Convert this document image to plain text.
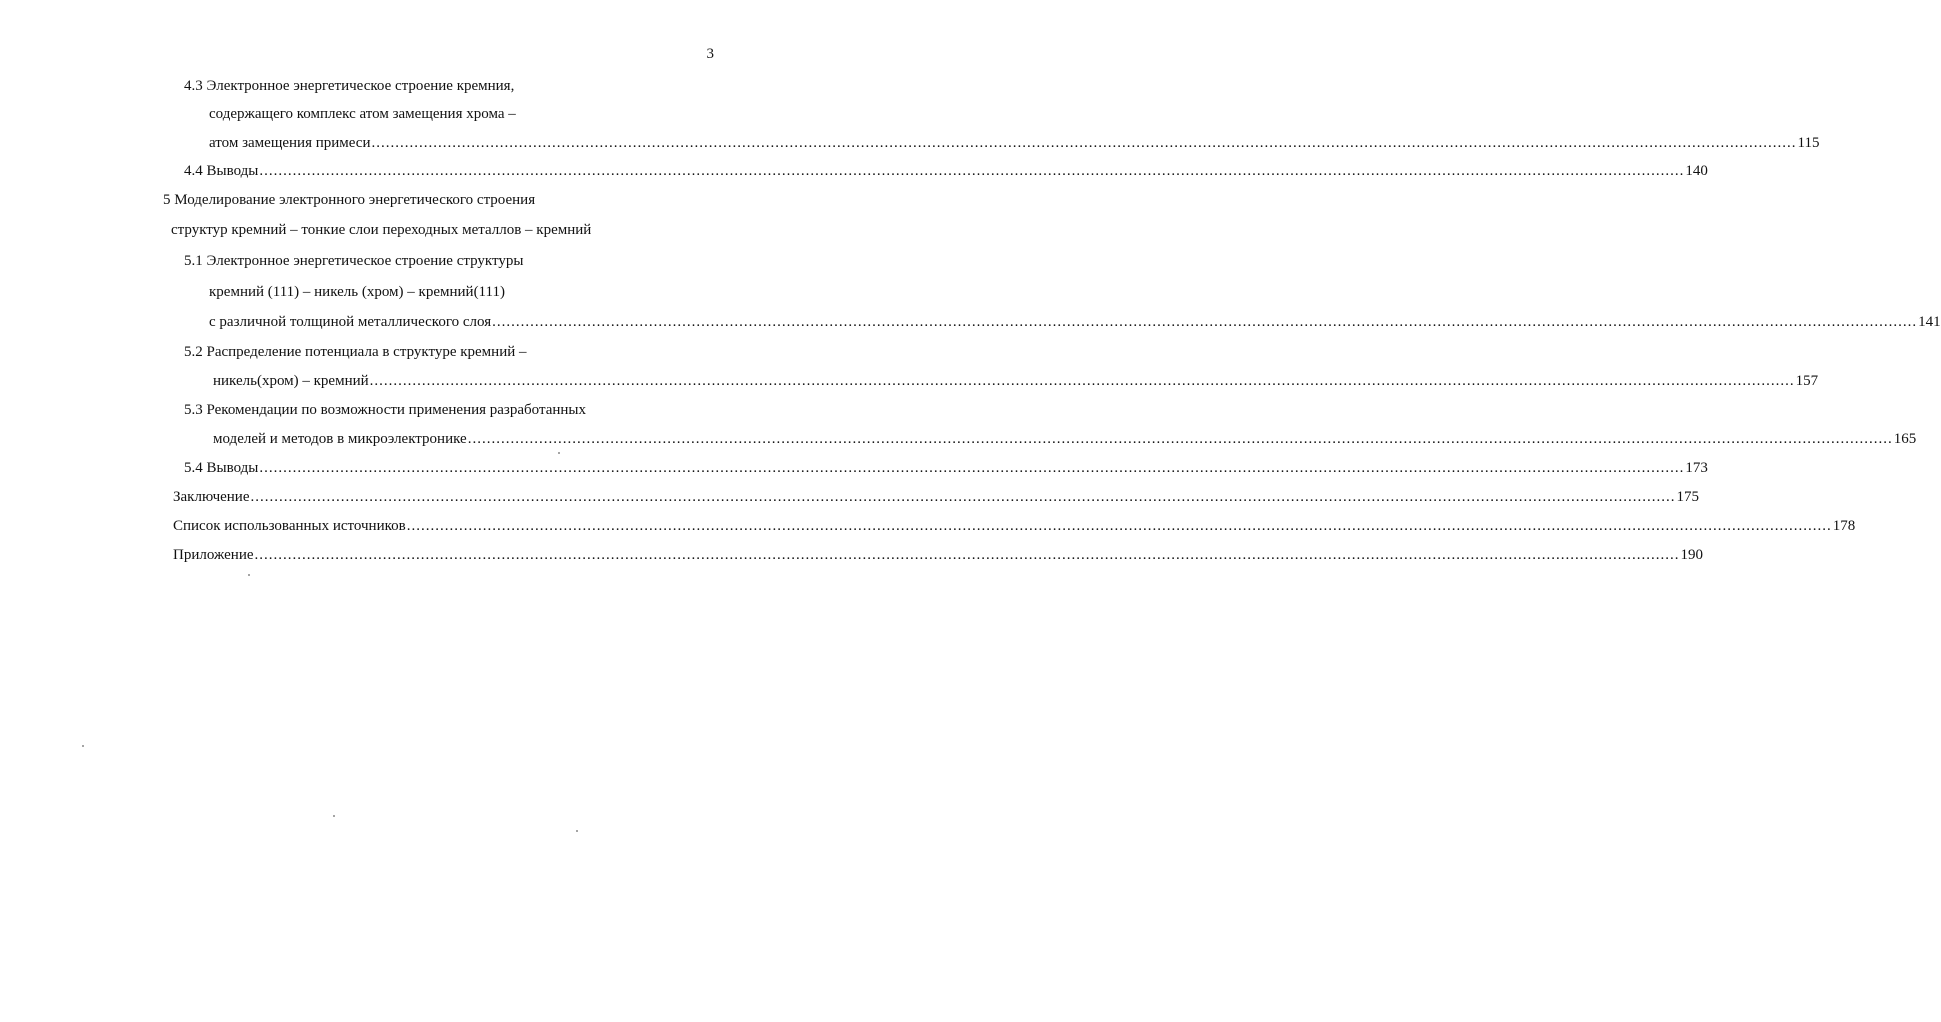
3
4.3 Электронное энергетическое строение кремния,
содержащего комплекс атом замещения хрома –
атом замещения примеси ............................................................................................................................................................................................................................................................................................................ 115
4.4 Выводы ............................................................................................................................................................................................................................................................................................................ 140
5 Моделирование электронного энергетического строения
структур кремний – тонкие слои переходных металлов – кремний
5.1 Электронное энергетическое строение структуры
кремний (111) – никель (хром) – кремний(111)
с различной толщиной металлического слоя ............................................................................................................................................................................................................................................................................................................ 141
5.2 Распределение потенциала в структуре кремний –
никель(хром) – кремний ............................................................................................................................................................................................................................................................................................................ 157
5.3 Рекомендации по возможности применения разработанных
моделей и методов в микроэлектронике ............................................................................................................................................................................................................................................................................................................ 165
5.4 Выводы ............................................................................................................................................................................................................................................................................................................ 173
Заключение ............................................................................................................................................................................................................................................................................................................ 175
Список использованных источников ............................................................................................................................................................................................................................................................................................................ 178
Приложение ............................................................................................................................................................................................................................................................................................................ 190
